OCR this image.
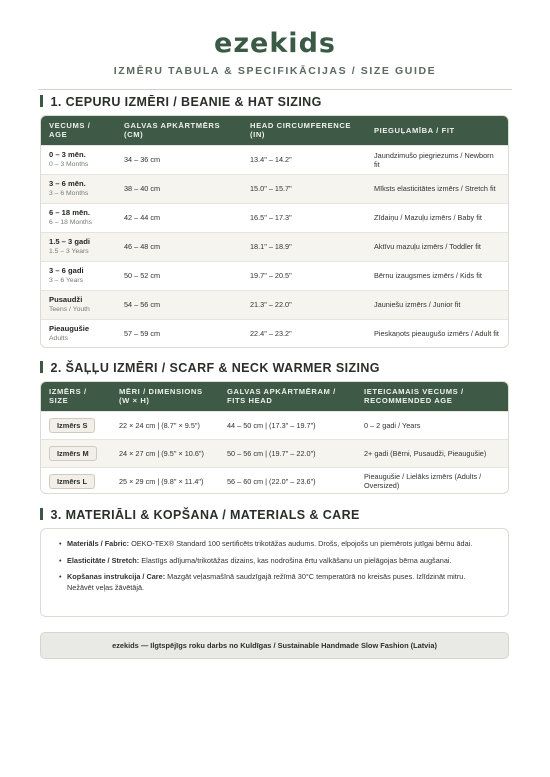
ezekids
IZMĒRU TABULA & SPECIFIKĀCIJAS / SIZE GUIDE
1. CEPURU IZMĒRI / BEANIE & HAT SIZING
VECUMS / AGE	GALVAS APKĀRTMĒRS (CM)	HEAD CIRCUMFERENCE (IN)	PIEGUĻAMĪBA / FIT

0 – 3 mēn.
0 – 3 Months	34 – 36 cm	13.4" – 14.2"	Jaundzimušo piegriezums / Newborn fit

3 – 6 mēn.
3 – 6 Months	38 – 40 cm	15.0" – 15.7"	Mīksts elasticitātes izmērs / Stretch fit

6 – 18 mēn.
6 – 18 Months	42 – 44 cm	16.5" – 17.3"	Zīdaiņu / Mazuļu izmērs / Baby fit

1.5 – 3 gadi
1.5 – 3 Years	46 – 48 cm	18.1" – 18.9"	Aktīvu mazuļu izmērs / Toddler fit

3 – 6 gadi
3 – 6 Years	50 – 52 cm	19.7" – 20.5"	Bērnu izaugsmes izmērs / Kids fit

Pusaudži
Teens / Youth	54 – 56 cm	21.3" – 22.0"	Jauniešu izmērs / Junior fit

Pieaugušie
Adults	57 – 59 cm	22.4" – 23.2"	Pieskaņots pieaugušo izmērs / Adult fit
2. ŠAĻĻU IZMĒRI / SCARF & NECK WARMER SIZING
IZMĒRS / SIZE	MĒRI / DIMENSIONS (W × H)	GALVAS APKĀRTMĒRAM / FITS HEAD	IETEICAMAIS VECUMS / RECOMMENDED AGE
Izmērs S	22 × 24 cm | (8.7" × 9.5")	44 – 50 cm | (17.3" – 19.7")	0 – 2 gadi / Years
Izmērs M	24 × 27 cm | (9.5" × 10.6")	50 – 56 cm | (19.7" – 22.0")	2+ gadi (Bērni, Pusaudži, Pieaugušie)
Izmērs L	25 × 29 cm | (9.8" × 11.4")	56 – 60 cm | (22.0" – 23.6")	Pieaugušie / Lielāks izmērs (Adults / Oversized)
3. MATERIĀLI & KOPŠANA / MATERIALS & CARE
• Materiāls / Fabric: OEKO-TEX® Standard 100 sertificēts trikotāžas audums. Drošs, elpojošs un piemērots jutīgai bērnu ādai.
• Elasticitāte / Stretch: Elastīgs adījuma/trikotāžas dizains, kas nodrošina ērtu valkāšanu un pielāgojas bērna augšanai.
• Kopšanas instrukcija / Care: Mazgāt veļasmašīnā saudzīgajā režīmā 30°C temperatūrā no kreisās puses. Izlīdzināt mitru. Nežāvēt veļas žāvētājā.
ezekids — Ilgtspējīgs roku darbs no Kuldīgas / Sustainable Handmade Slow Fashion (Latvia)
